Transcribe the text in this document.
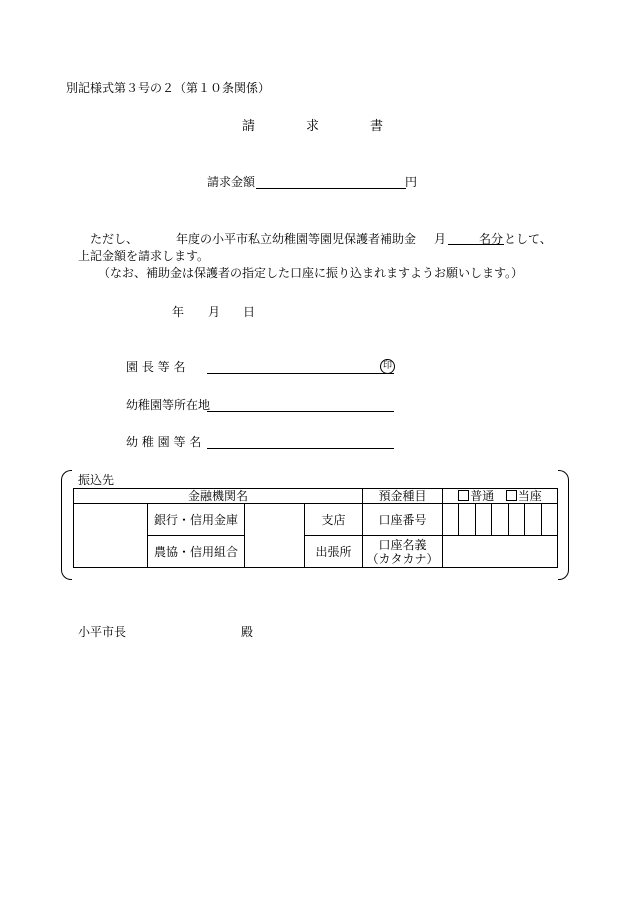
別記様式第３号の２（第１０条関係）
請	求	書
請求金額	円
ただし、	年度の小平市私立幼稚園等園児保護者補助金 月	名分 として、
上記金額を請求します。
（なお、補助金は保護者の指定した口座に振り込まれますようお願いします。）
年 月 日
園 長 等 名	印
幼稚園等所在地
幼 稚 園 等 名
振込先
金融機関名				預金種目	普通 当座
	銀行・信用金庫		支店	口座番号	

	農協・信用組合		出張所	口座名義
（カタカナ）	

小平市長	殿
